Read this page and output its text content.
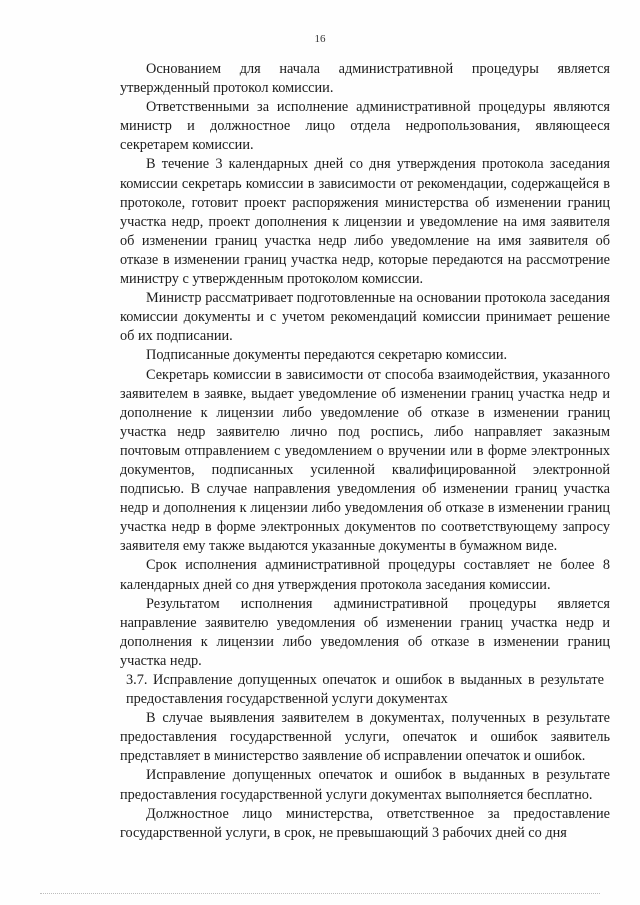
16

Основанием для начала административной процедуры является утвержденный протокол комиссии.

Ответственными за исполнение административной процедуры являются министр и должностное лицо отдела недропользования, являющееся секретарем комиссии.

В течение 3 календарных дней со дня утверждения протокола заседания комиссии секретарь комиссии в зависимости от рекомендации, содержащейся в протоколе, готовит проект распоряжения министерства об изменении границ участка недр, проект дополнения к лицензии и уведомление на имя заявителя об изменении границ участка недр либо уведомление на имя заявителя об отказе в изменении границ участка недр, которые передаются на рассмотрение министру с утвержденным протоколом комиссии.

Министр рассматривает подготовленные на основании протокола заседания комиссии документы и с учетом рекомендаций комиссии принимает решение об их подписании.

Подписанные документы передаются секретарю комиссии.

Секретарь комиссии в зависимости от способа взаимодействия, указанного заявителем в заявке, выдает уведомление об изменении границ участка недр и дополнение к лицензии либо уведомление об отказе в изменении границ участка недр заявителю лично под роспись, либо направляет заказным почтовым отправлением с уведомлением о вручении или в форме электронных документов, подписанных усиленной квалифицированной электронной подписью. В случае направления уведомления об изменении границ участка недр и дополнения к лицензии либо уведомления об отказе в изменении границ участка недр в форме электронных документов по соответствующему запросу заявителя ему также выдаются указанные документы в бумажном виде.

Срок исполнения административной процедуры составляет не более 8 календарных дней со дня утверждения протокола заседания комиссии.

Результатом исполнения административной процедуры является направление заявителю уведомления об изменении границ участка недр и дополнения к лицензии либо уведомления об отказе в изменении границ участка недр.

3.7. Исправление допущенных опечаток и ошибок в выданных в результате предоставления государственной услуги документах

В случае выявления заявителем в документах, полученных в результате предоставления государственной услуги, опечаток и ошибок заявитель представляет в министерство заявление об исправлении опечаток и ошибок.

Исправление допущенных опечаток и ошибок в выданных в результате предоставления государственной услуги документах выполняется бесплатно.

Должностное лицо министерства, ответственное за предоставление государственной услуги, в срок, не превышающий 3 рабочих дней со дня
